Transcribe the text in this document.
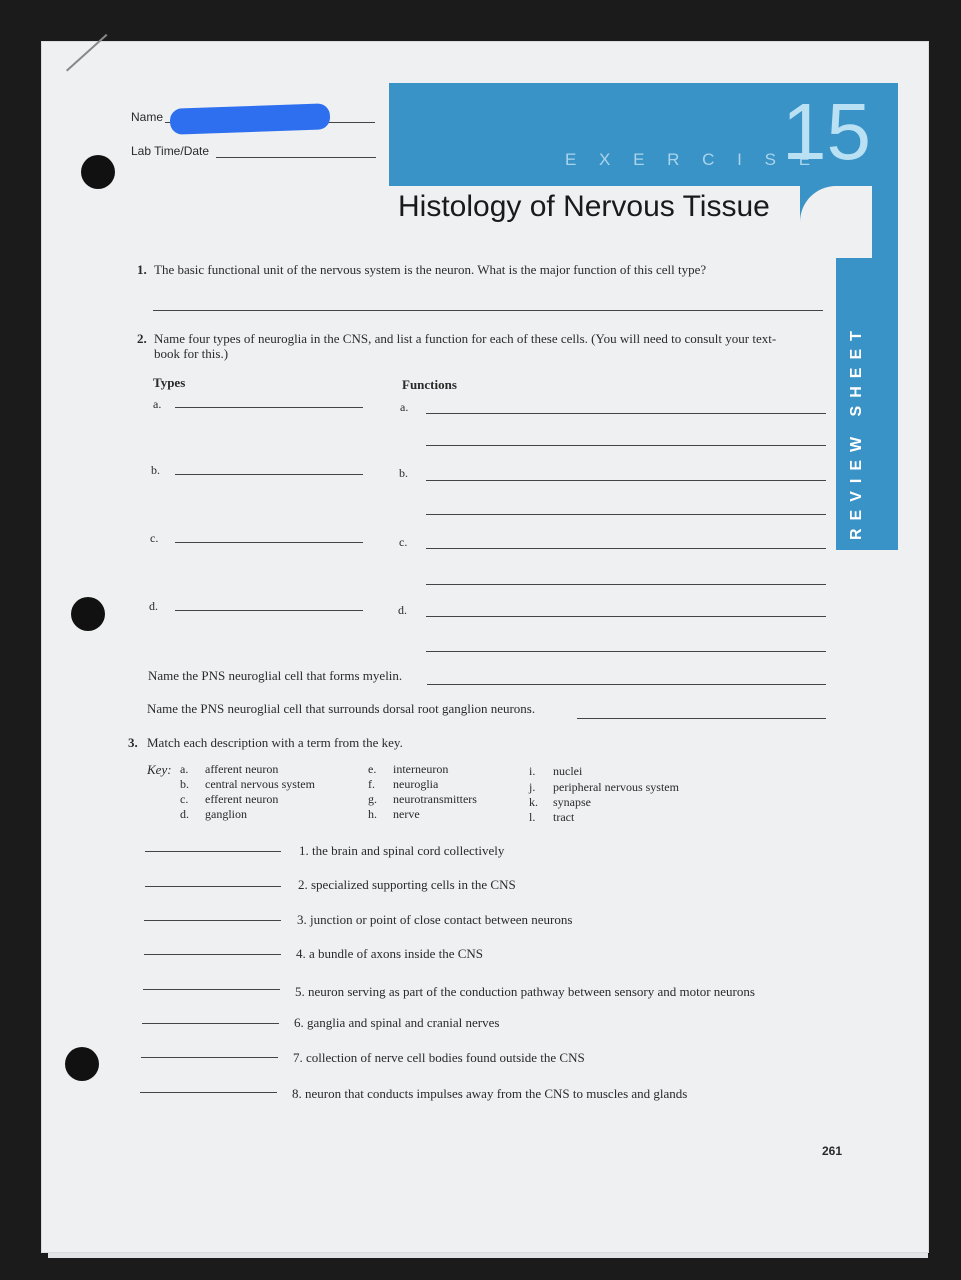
Name
Lab Time/Date	E X E R C I S E
15
Histology of Nervous Tissue
REVIEW SHEET
1. The basic functional unit of the nervous system is the neuron. What is the major function of this cell type?
2. Name four types of neuroglia in the CNS, and list a function for each of these cells. (You will need to consult your text-
book for this.)
Types	Functions
a.	a.
b.	b.
c.	c.
d.	d.
Name the PNS neuroglial cell that forms myelin.
Name the PNS neuroglial cell that surrounds dorsal root ganglion neurons.
3. Match each description with a term from the key.
Key: a. afferent neuron
b. central nervous system
c. efferent neuron
d. ganglion
e. interneuron
f. neuroglia
g. neurotransmitters
h. nerve
i. nuclei
j. peripheral nervous system
k. synapse
l. tract
1. the brain and spinal cord collectively
2. specialized supporting cells in the CNS
3. junction or point of close contact between neurons
4. a bundle of axons inside the CNS
5. neuron serving as part of the conduction pathway between sensory and motor neurons
6. ganglia and spinal and cranial nerves
7. collection of nerve cell bodies found outside the CNS
8. neuron that conducts impulses away from the CNS to muscles and glands
261
